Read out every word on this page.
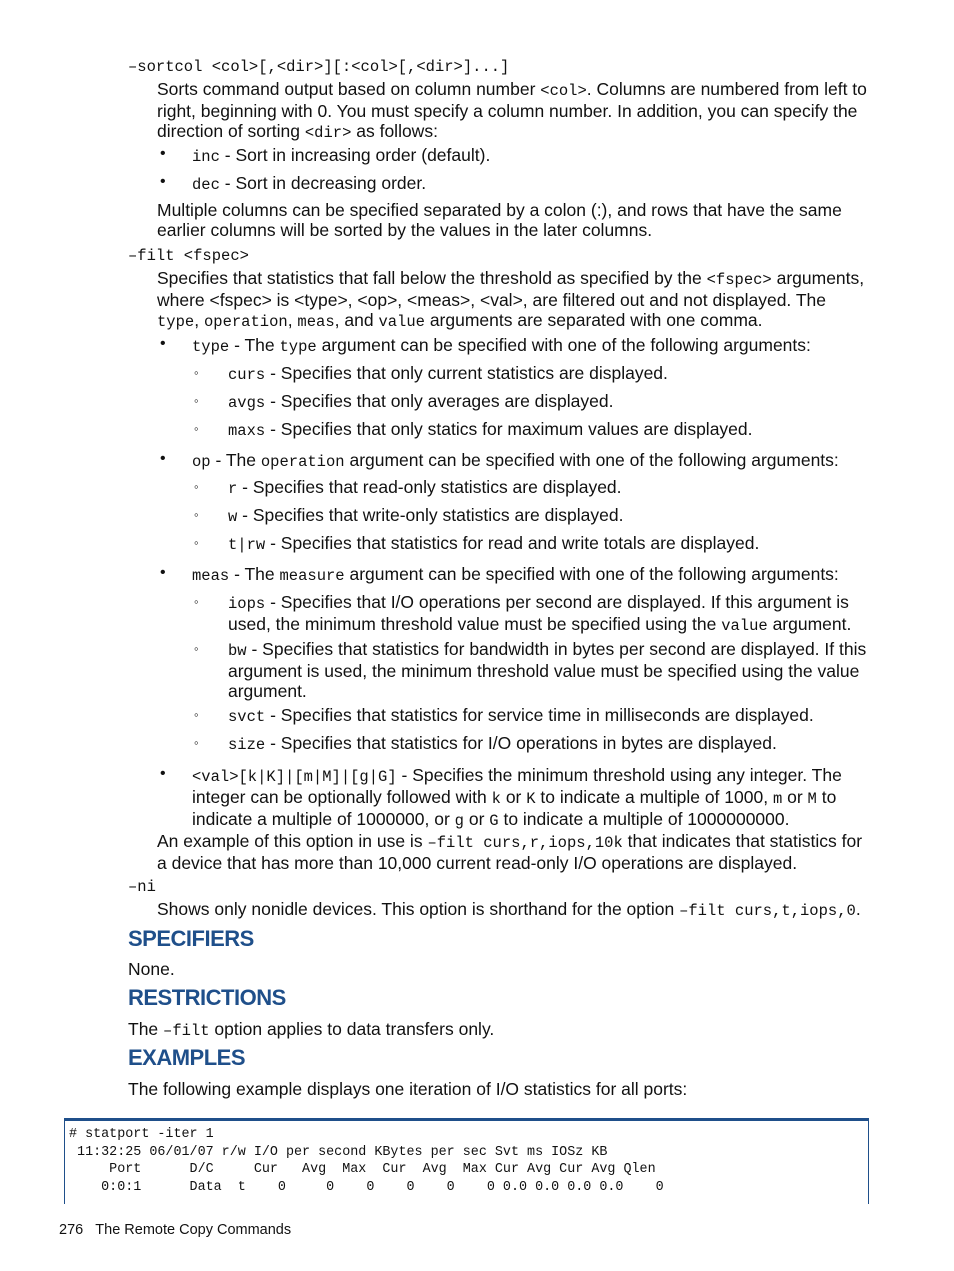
–sortcol <col>[,<dir>][:<col>[,<dir>]...]
Sorts command output based on column number <col>. Columns are numbered from left to right, beginning with 0. You must specify a column number. In addition, you can specify the direction of sorting <dir> as follows:
• inc - Sort in increasing order (default).
• dec - Sort in decreasing order.
Multiple columns can be specified separated by a colon (:), and rows that have the same earlier columns will be sorted by the values in the later columns.
–filt <fspec>
Specifies that statistics that fall below the threshold as specified by the <fspec> arguments, where <fspec> is <type>, <op>, <meas>, <val>, are filtered out and not displayed. The type, operation, meas, and value arguments are separated with one comma.
• type - The type argument can be specified with one of the following arguments:
◦ curs - Specifies that only current statistics are displayed.
◦ avgs - Specifies that only averages are displayed.
◦ maxs - Specifies that only statics for maximum values are displayed.
• op - The operation argument can be specified with one of the following arguments:
◦ r - Specifies that read-only statistics are displayed.
◦ w - Specifies that write-only statistics are displayed.
◦ t|rw - Specifies that statistics for read and write totals are displayed.
• meas - The measure argument can be specified with one of the following arguments:
◦ iops - Specifies that I/O operations per second are displayed. If this argument is used, the minimum threshold value must be specified using the value argument.
◦ bw - Specifies that statistics for bandwidth in bytes per second are displayed. If this argument is used, the minimum threshold value must be specified using the value argument.
◦ svct - Specifies that statistics for service time in milliseconds are displayed.
◦ size - Specifies that statistics for I/O operations in bytes are displayed.
• <val>[k|K]|[m|M]|[g|G] - Specifies the minimum threshold using any integer. The integer can be optionally followed with k or K to indicate a multiple of 1000, m or M to indicate a multiple of 1000000, or g or G to indicate a multiple of 1000000000.
An example of this option in use is –filt curs,r,iops,10k that indicates that statistics for a device that has more than 10,000 current read-only I/O operations are displayed.
–ni
Shows only nonidle devices. This option is shorthand for the option –filt curs,t,iops,0.
SPECIFIERS
None.
RESTRICTIONS
The –filt option applies to data transfers only.
EXAMPLES
The following example displays one iteration of I/O statistics for all ports:
# statport -iter 1
11:32:25 06/01/07 r/w I/O per second KBytes per sec Svt ms IOSz KB
Port      D/C     Cur   Avg  Max  Cur  Avg  Max Cur Avg Cur Avg Qlen
0:0:1      Data  t    0     0    0    0    0    0 0.0 0.0 0.0 0.0    0
276 The Remote Copy Commands
